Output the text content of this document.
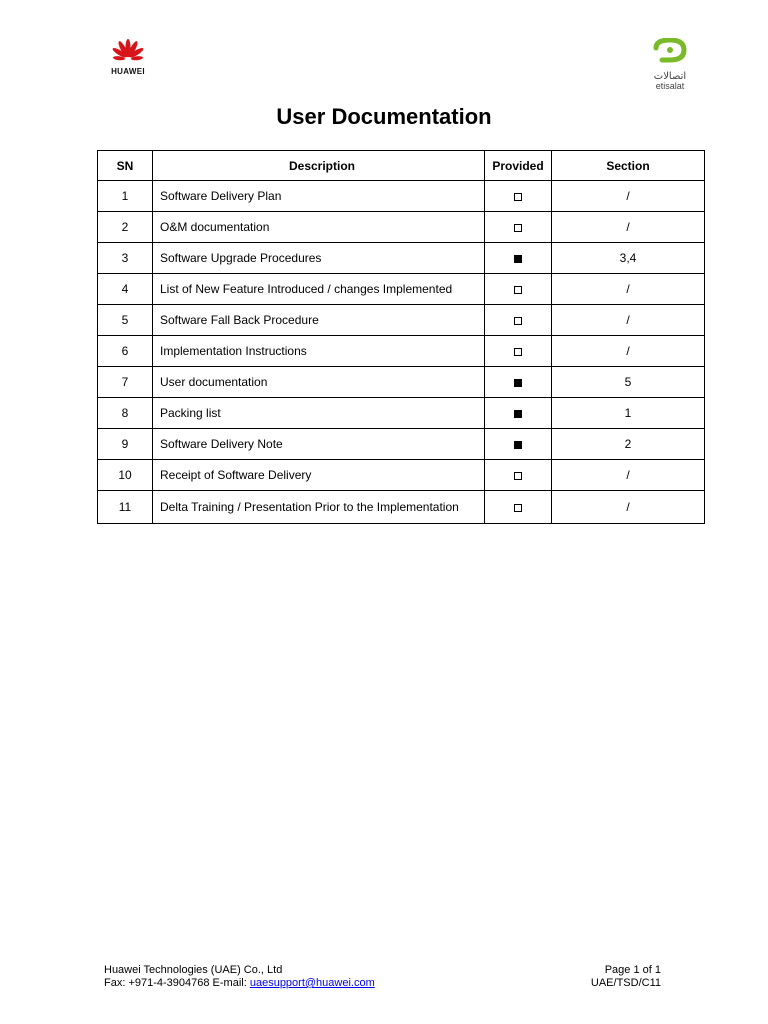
HUAWEI	اتصالات
etisalat
User Documentation
SN	Description	Provided	Section
1	Software Delivery Plan		/
2	O&M documentation		/
3	Software Upgrade Procedures		3,4
4	List of New Feature Introduced / changes Implemented		/
5	Software Fall Back Procedure		/
6	Implementation Instructions		/
7	User documentation		5
8	Packing list		1
9	Software Delivery Note		2
10	Receipt of Software Delivery		/
11	Delta Training / Presentation Prior to the Implementation		/
Huawei Technologies (UAE) Co., Ltd
Fax: +971-4-3904768 E-mail: uaesupport@huawei.com
Page 1 of 1
UAE/TSD/C11
